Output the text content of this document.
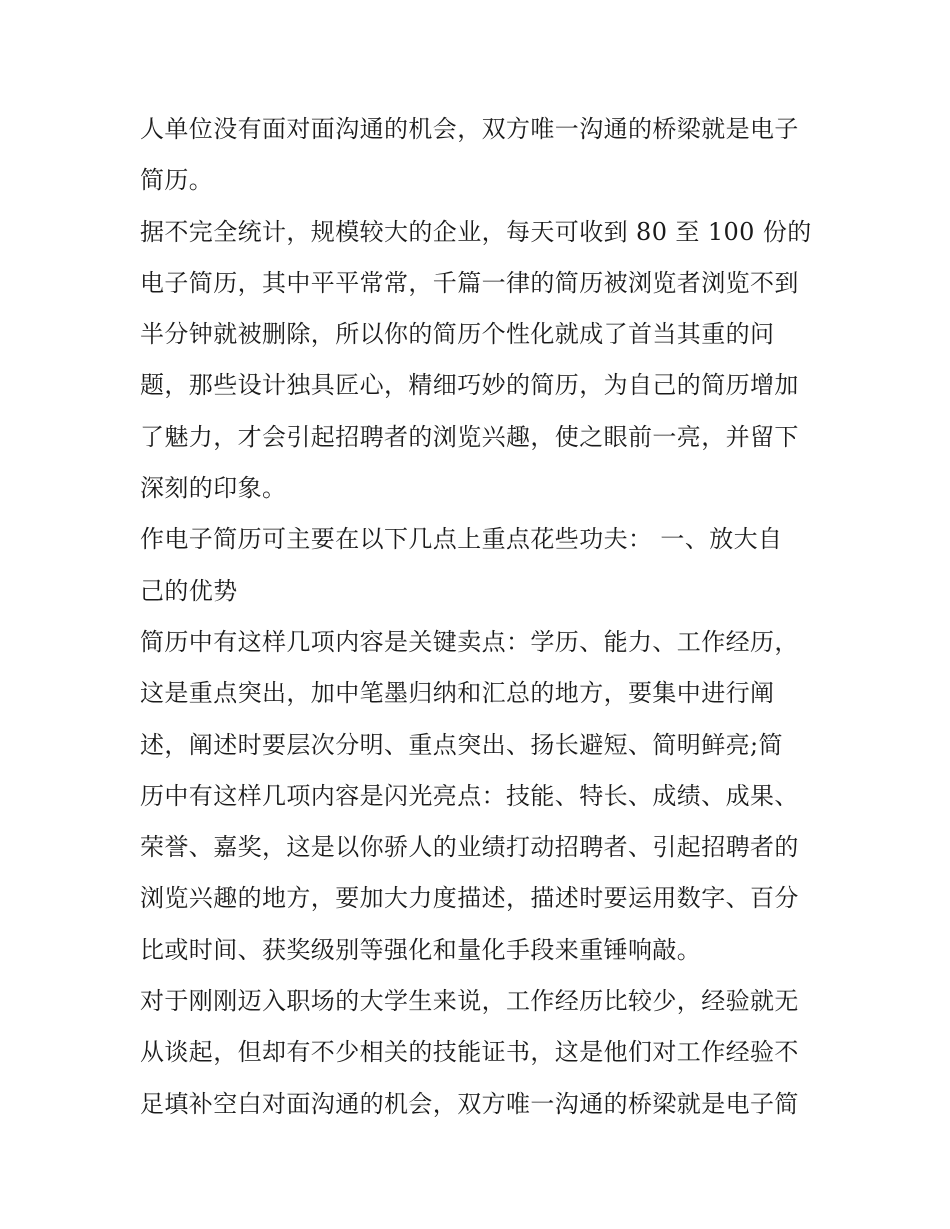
人单位没有面对面沟通的机会，双方唯一沟通的桥梁就是电子
简历。
据不完全统计，规模较大的企业，每天可收到 80 至 100 份的
电子简历，其中平平常常，千篇一律的简历被浏览者浏览不到
半分钟就被删除，所以你的简历个性化就成了首当其重的问
题，那些设计独具匠心，精细巧妙的简历，为自己的简历增加
了魅力，才会引起招聘者的浏览兴趣，使之眼前一亮，并留下
深刻的印象。
作电子简历可主要在以下几点上重点花些功夫： 一、放大自
己的优势
简历中有这样几项内容是关键卖点：学历、能力、工作经历，
这是重点突出，加中笔墨归纳和汇总的地方，要集中进行阐
述，阐述时要层次分明、重点突出、扬长避短、简明鲜亮;简
历中有这样几项内容是闪光亮点：技能、特长、成绩、成果、
荣誉、嘉奖，这是以你骄人的业绩打动招聘者、引起招聘者的
浏览兴趣的地方，要加大力度描述，描述时要运用数字、百分
比或时间、获奖级别等强化和量化手段来重锤响敲。
对于刚刚迈入职场的大学生来说，工作经历比较少，经验就无
从谈起，但却有不少相关的技能证书，这是他们对工作经验不
足填补空白对面沟通的机会，双方唯一沟通的桥梁就是电子简
